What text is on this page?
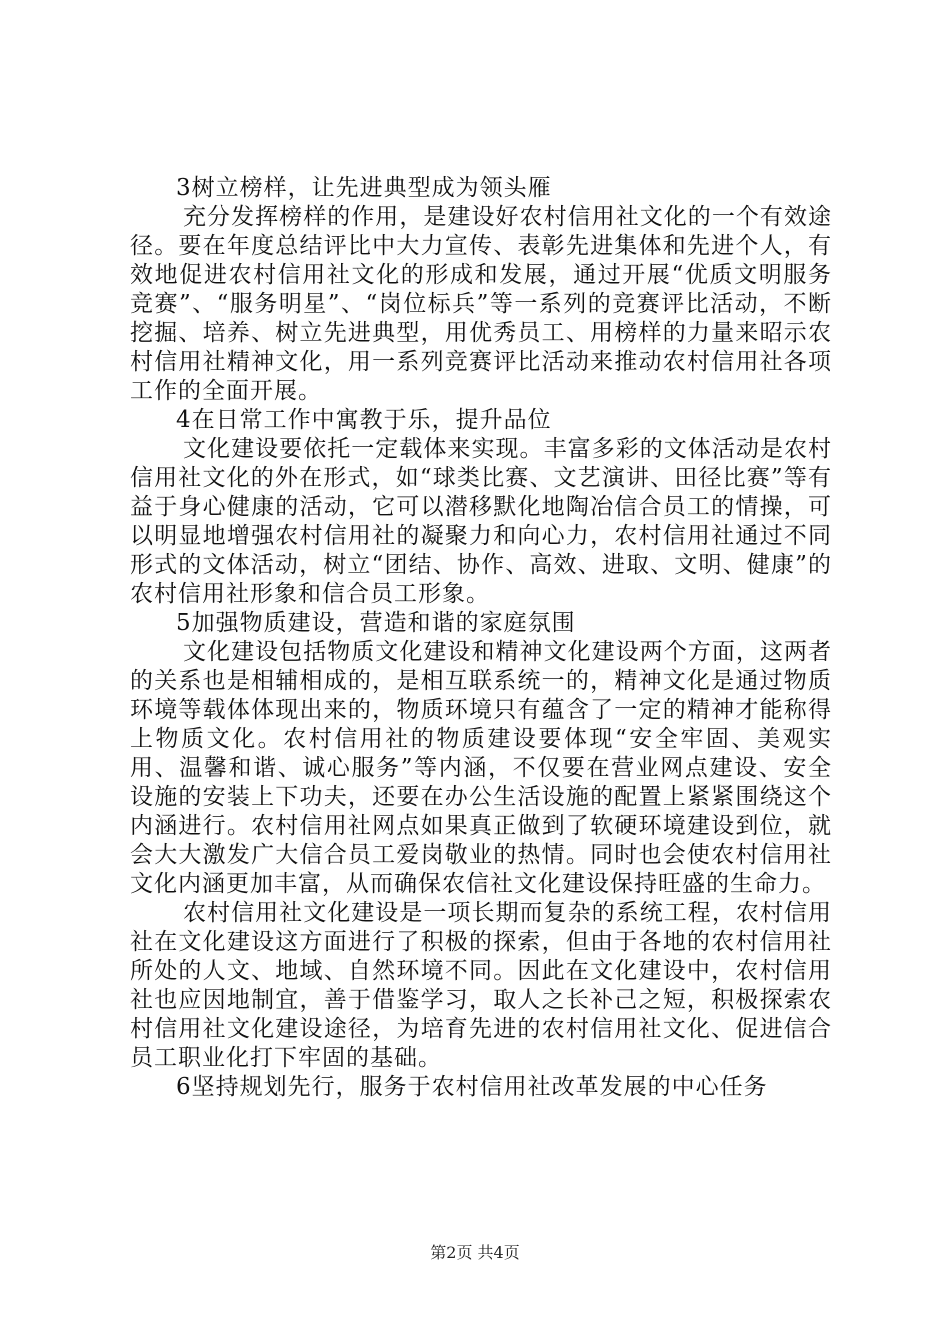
3树立榜样，让先进典型成为领头雁

充分发挥榜样的作用，是建设好农村信用社文化的一个有效途径。要在年度总结评比中大力宣传、表彰先进集体和先进个人，有效地促进农村信用社文化的形成和发展，通过开展“优质文明服务竞赛”、“服务明星”、“岗位标兵”等一系列的竞赛评比活动，不断挖掘、培养、树立先进典型，用优秀员工、用榜样的力量来昭示农村信用社精神文化，用一系列竞赛评比活动来推动农村信用社各项工作的全面开展。

4在日常工作中寓教于乐，提升品位

文化建设要依托一定载体来实现。丰富多彩的文体活动是农村信用社文化的外在形式，如“球类比赛、文艺演讲、田径比赛”等有益于身心健康的活动，它可以潜移默化地陶冶信合员工的情操，可以明显地增强农村信用社的凝聚力和向心力，农村信用社通过不同形式的文体活动，树立“团结、协作、高效、进取、文明、健康”的农村信用社形象和信合员工形象。

5加强物质建设，营造和谐的家庭氛围

文化建设包括物质文化建设和精神文化建设两个方面，这两者的关系也是相辅相成的，是相互联系统一的，精神文化是通过物质环境等载体体现出来的，物质环境只有蕴含了一定的精神才能称得上物质文化。农村信用社的物质建设要体现“安全牢固、美观实用、温馨和谐、诚心服务”等内涵，不仅要在营业网点建设、安全设施的安装上下功夫，还要在办公生活设施的配置上紧紧围绕这个内涵进行。农村信用社网点如果真正做到了软硬环境建设到位，就会大大激发广大信合员工爱岗敬业的热情。同时也会使农村信用社文化内涵更加丰富，从而确保农信社文化建设保持旺盛的生命力。

农村信用社文化建设是一项长期而复杂的系统工程，农村信用社在文化建设这方面进行了积极的探索，但由于各地的农村信用社所处的人文、地域、自然环境不同。因此在文化建设中，农村信用社也应因地制宜，善于借鉴学习，取人之长补己之短，积极探索农村信用社文化建设途径，为培育先进的农村信用社文化、促进信合员工职业化打下牢固的基础。

6坚持规划先行，服务于农村信用社改革发展的中心任务

第2页 共4页
